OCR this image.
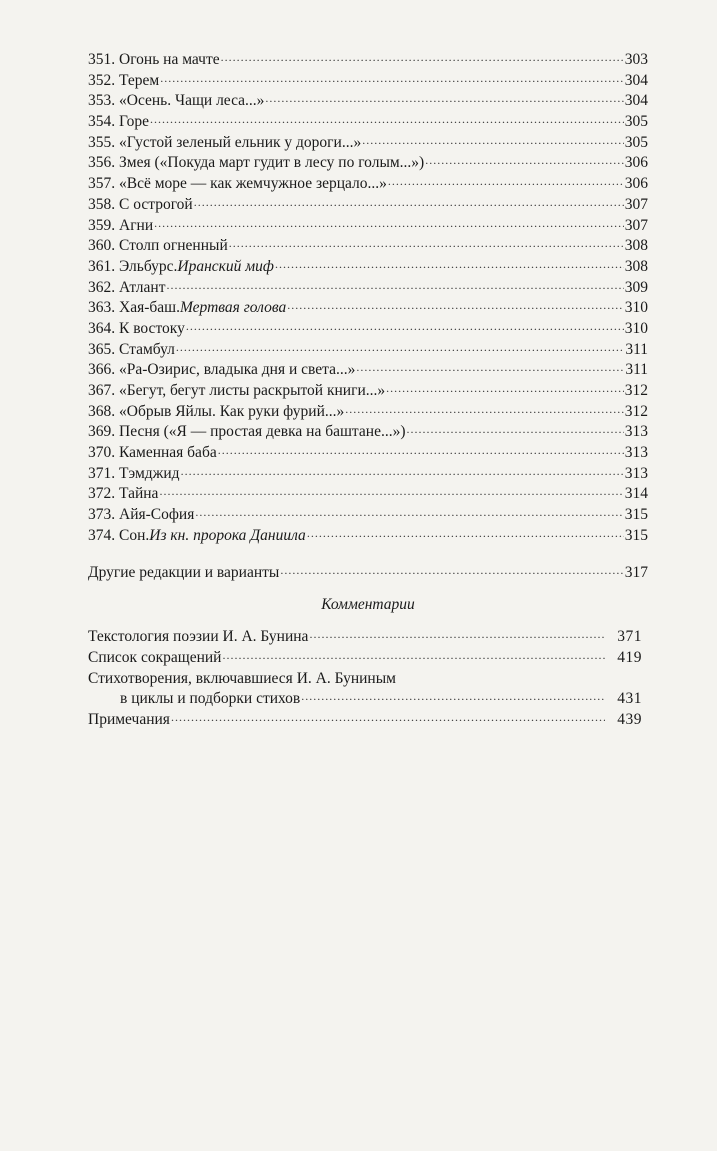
351. Огонь на мачте .....	303
352. Терем .....	304
353. «Осень. Чащи леса...» .....	304
354. Горе .....	305
355. «Густой зеленый ельник у дороги...» .....	305
356. Змея («Покуда март гудит в лесу по голым...») .....	306
357. «Всё море — как жемчужное зерцало...» .....	306
358. С острогой .....	307
359. Агни .....	307
360. Столп огненный .....	308
361. Эльбурс. Иранский миф .....	308
362. Атлант .....	309
363. Хая-баш. Мертвая голова .....	310
364. К востоку .....	310
365. Стамбул .....	311
366. «Ра-Озирис, владыка дня и света...» .....	311
367. «Бегут, бегут листы раскрытой книги...» .....	312
368. «Обрыв Яйлы. Как руки фурий...» .....	312
369. Песня («Я — простая девка на баштане...») .....	313
370. Каменная баба .....	313
371. Тэмджид .....	313
372. Тайна .....	314
373. Айя-София .....	315
374. Сон. Из кн. пророка Даниила .....	315
Другие редакции и варианты .....	317
Комментарии
Текстология поэзии И. А. Бунина .....	371
Список сокращений .....	419
Стихотворения, включавшиеся И. А. Буниным
в циклы и подборки стихов .....	431
Примечания .....	439
